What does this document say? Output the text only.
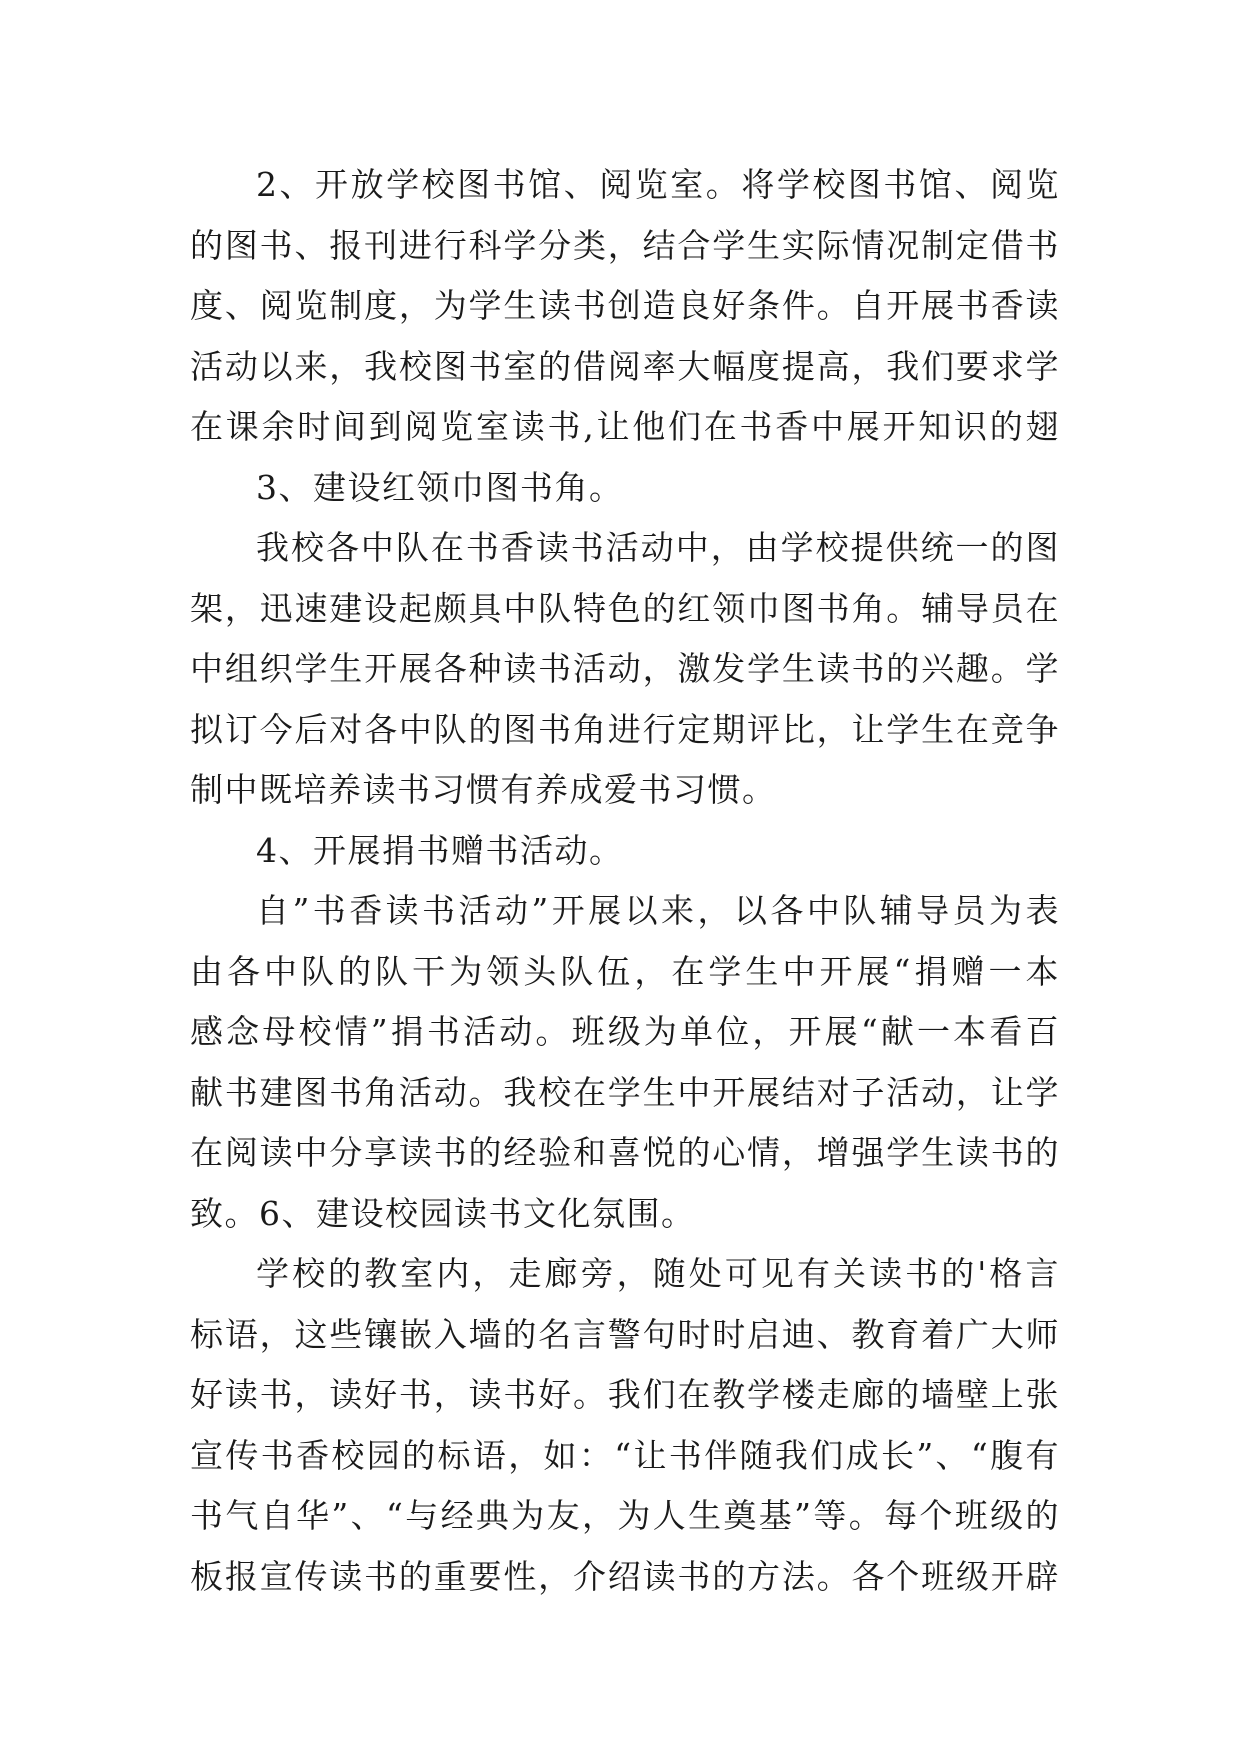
2、开放学校图书馆、阅览室。将学校图书馆、阅览
的图书、报刊进行科学分类，结合学生实际情况制定借书
度、阅览制度，为学生读书创造良好条件。自开展书香读
活动以来，我校图书室的借阅率大幅度提高，我们要求学
在课余时间到阅览室读书,让他们在书香中展开知识的翅
3、建设红领巾图书角。
我校各中队在书香读书活动中，由学校提供统一的图
架，迅速建设起颇具中队特色的红领巾图书角。辅导员在
中组织学生开展各种读书活动，激发学生读书的兴趣。学
拟订今后对各中队的图书角进行定期评比，让学生在竞争
制中既培养读书习惯有养成爱书习惯。
4、开展捐书赠书活动。
自”书香读书活动”开展以来，以各中队辅导员为表
由各中队的队干为领头队伍，在学生中开展“捐赠一本
感念母校情”捐书活动。班级为单位，开展“献一本看百
献书建图书角活动。我校在学生中开展结对子活动，让学
在阅读中分享读书的经验和喜悦的心情，增强学生读书的
致。6、建设校园读书文化氛围。
学校的教室内，走廊旁，随处可见有关读书的'格言
标语，这些镶嵌入墙的名言警句时时启迪、教育着广大师
好读书，读好书，读书好。我们在教学楼走廊的墙壁上张
宣传书香校园的标语，如：“让书伴随我们成长”、“腹有
书气自华”、“与经典为友，为人生奠基”等。每个班级的
板报宣传读书的重要性，介绍读书的方法。各个班级开辟
